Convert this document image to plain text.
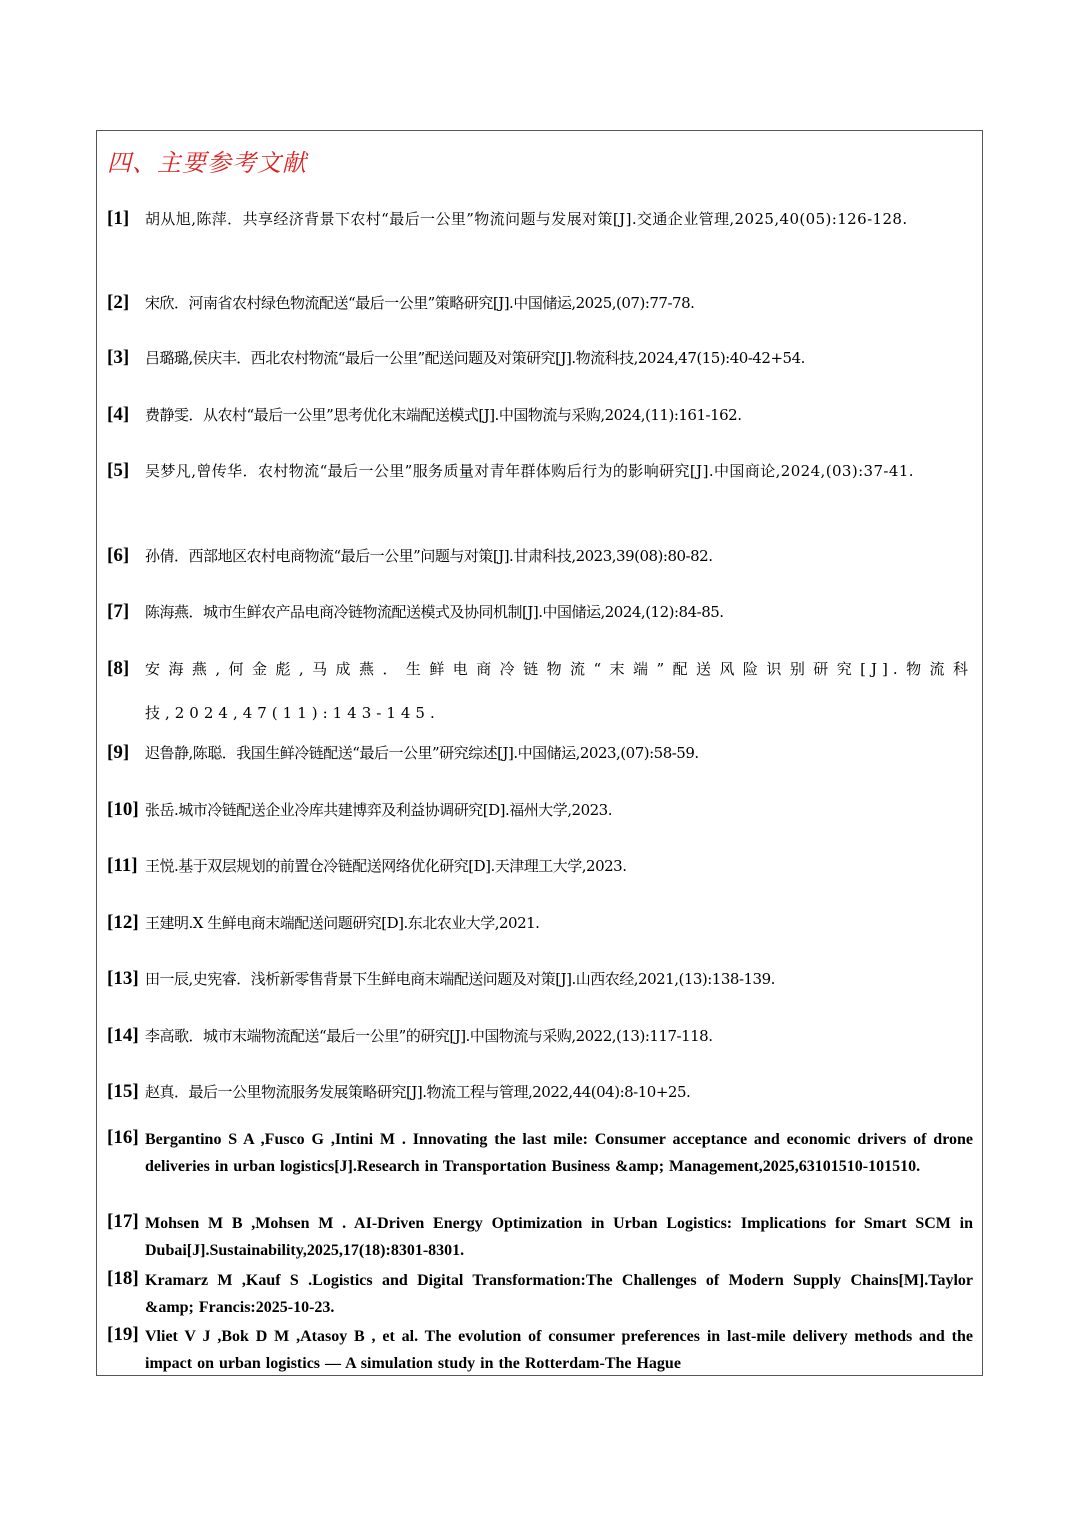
四、主要参考文献
[1] 胡从旭,陈萍．共享经济背景下农村“最后一公里”物流问题与发展对策[J].交通企业管理,2025,40(05):126-128.
[2] 宋欣．河南省农村绿色物流配送“最后一公里”策略研究[J].中国储运,2025,(07):77-78.
[3] 吕璐璐,侯庆丰．西北农村物流“最后一公里”配送问题及对策研究[J].物流科技,2024,47(15):40-42+54.
[4] 费静雯．从农村“最后一公里”思考优化末端配送模式[J].中国物流与采购,2024,(11):161-162.
[5] 吴梦凡,曾传华．农村物流“最后一公里”服务质量对青年群体购后行为的影响研究[J].中国商论,2024,(03):37-41.
[6] 孙倩．西部地区农村电商物流“最后一公里”问题与对策[J].甘肃科技,2023,39(08):80-82.
[7] 陈海燕．城市生鲜农产品电商冷链物流配送模式及协同机制[J].中国储运,2024,(12):84-85.
[8] 安海燕,何金彪,马成燕．生鲜电商冷链物流“末端”配送风险识别研究[J].物流科技,2024,47(11):143-145.
[9] 迟鲁静,陈聪．我国生鲜冷链配送“最后一公里”研究综述[J].中国储运,2023,(07):58-59.
[10] 张岳.城市冷链配送企业冷库共建博弈及利益协调研究[D].福州大学,2023.
[11] 王悦.基于双层规划的前置仓冷链配送网络优化研究[D].天津理工大学,2023.
[12] 王建明.X 生鲜电商末端配送问题研究[D].东北农业大学,2021.
[13] 田一辰,史宪睿．浅析新零售背景下生鲜电商末端配送问题及对策[J].山西农经,2021,(13):138-139.
[14] 李高歌．城市末端物流配送“最后一公里”的研究[J].中国物流与采购,2022,(13):117-118.
[15] 赵真．最后一公里物流服务发展策略研究[J].物流工程与管理,2022,44(04):8-10+25.
[16] Bergantino S A ,Fusco G ,Intini M . Innovating the last mile: Consumer acceptance and economic drivers of drone deliveries in urban logistics[J].Research in Transportation Business &amp; Management,2025,63101510-101510.
[17] Mohsen M B ,Mohsen M . AI-Driven Energy Optimization in Urban Logistics: Implications for Smart SCM in Dubai[J].Sustainability,2025,17(18):8301-8301.
[18] Kramarz M ,Kauf S .Logistics and Digital Transformation:The Challenges of Modern Supply Chains[M].Taylor &amp; Francis:2025-10-23.
[19] Vliet V J ,Bok D M ,Atasoy B , et al. The evolution of consumer preferences in last-mile delivery methods and the impact on urban logistics — A simulation study in the Rotterdam-The Hague
